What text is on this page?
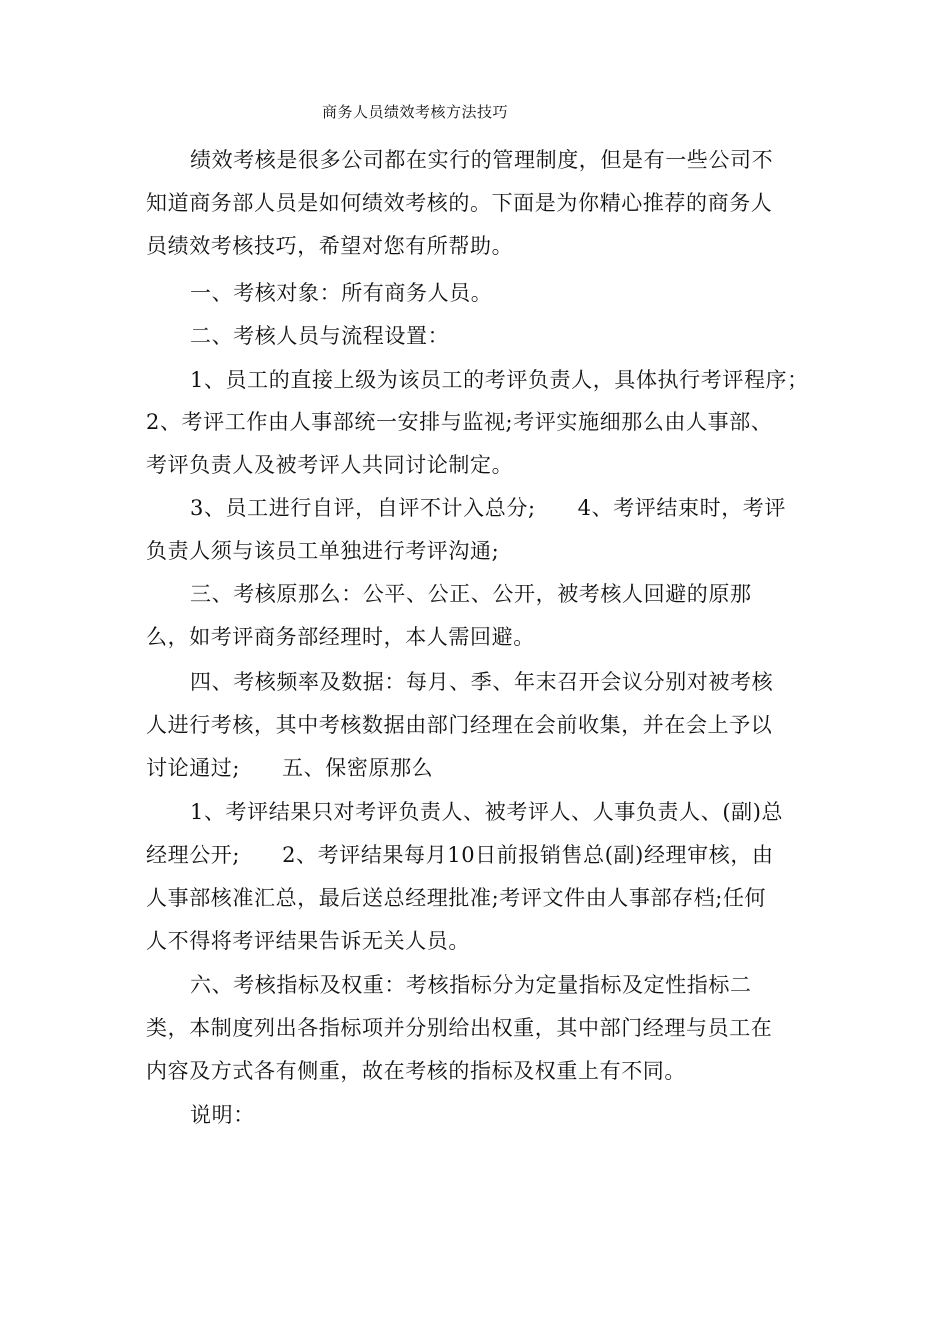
商务人员绩效考核方法技巧
绩效考核是很多公司都在实行的管理制度，但是有一些公司不
知道商务部人员是如何绩效考核的。下面是为你精心推荐的商务人
员绩效考核技巧，希望对您有所帮助。
一、考核对象：所有商务人员。
二、考核人员与流程设置：
1、员工的直接上级为该员工的考评负责人，具体执行考评程序；
2、考评工作由人事部统一安排与监视;考评实施细那么由人事部、
考评负责人及被考评人共同讨论制定。
3、员工进行自评，自评不计入总分; 4、考评结束时，考评
负责人须与该员工单独进行考评沟通;
三、考核原那么：公平、公正、公开，被考核人回避的原那
么，如考评商务部经理时，本人需回避。
四、考核频率及数据：每月、季、年末召开会议分别对被考核
人进行考核，其中考核数据由部门经理在会前收集，并在会上予以
讨论通过; 五、保密原那么
1、考评结果只对考评负责人、被考评人、人事负责人、(副)总
经理公开; 2、考评结果每月10日前报销售总(副)经理审核，由
人事部核准汇总，最后送总经理批准;考评文件由人事部存档;任何
人不得将考评结果告诉无关人员。
六、考核指标及权重：考核指标分为定量指标及定性指标二
类，本制度列出各指标项并分别给出权重，其中部门经理与员工在
内容及方式各有侧重，故在考核的指标及权重上有不同。
说明：
